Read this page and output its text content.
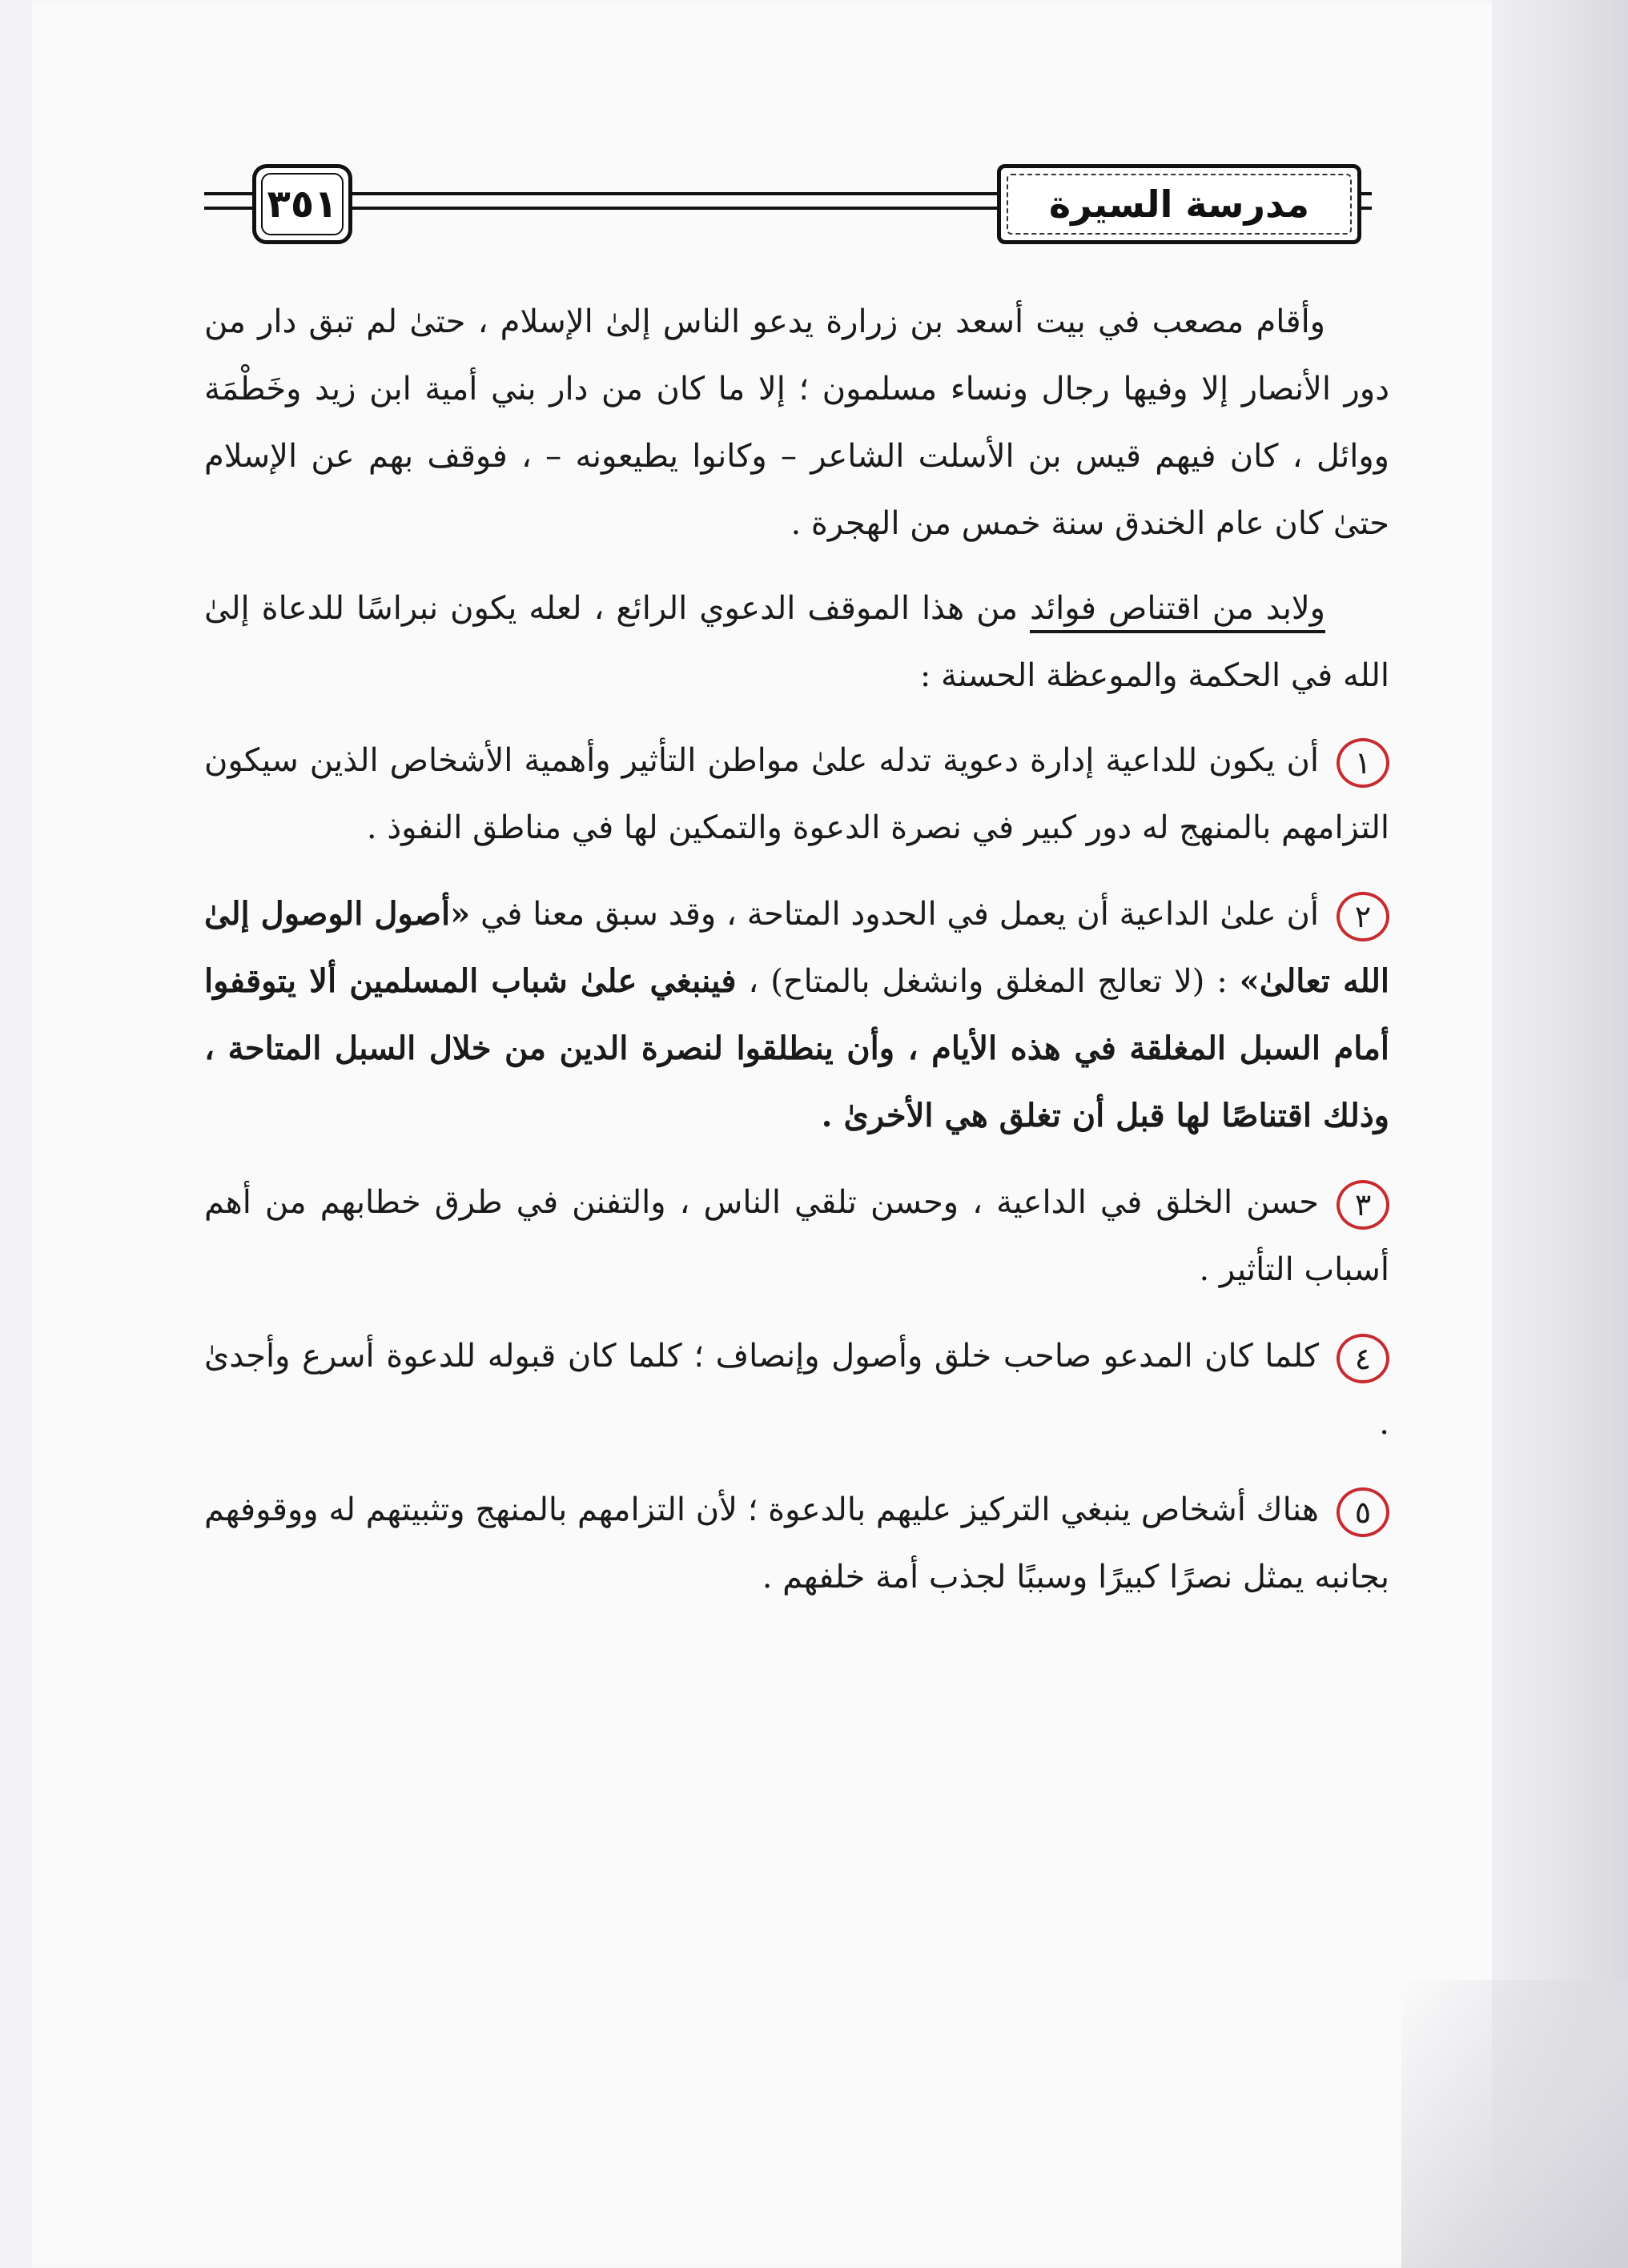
٣٥١	مدرسة السيرة

وأقام مصعب في بيت أسعد بن زرارة يدعو الناس إلىٰ الإسلام ، حتىٰ لم تبق دار من دور الأنصار إلا وفيها رجال ونساء مسلمون ؛ إلا ما كان من دار بني أمية ابن زيد وخَطْمَة ووائل ، كان فيهم قيس بن الأسلت الشاعر – وكانوا يطيعونه – ، فوقف بهم عن الإسلام حتىٰ كان عام الخندق سنة خمس من الهجرة .

ولابد من اقتناص فوائد من هذا الموقف الدعوي الرائع ، لعله يكون نبراسًا للدعاة إلىٰ الله في الحكمة والموعظة الحسنة :

١أن يكون للداعية إدارة دعوية تدله علىٰ مواطن التأثير وأهمية الأشخاص الذين سيكون التزامهم بالمنهج له دور كبير في نصرة الدعوة والتمكين لها في مناطق النفوذ .

٢أن علىٰ الداعية أن يعمل في الحدود المتاحة ، وقد سبق معنا في «أصول الوصول إلىٰ الله تعالىٰ» : (لا تعالج المغلق وانشغل بالمتاح) ، فينبغي علىٰ شباب المسلمين ألا يتوقفوا أمام السبل المغلقة في هذه الأيام ، وأن ينطلقوا لنصرة الدين من خلال السبل المتاحة ، وذلك اقتناصًا لها قبل أن تغلق هي الأخرىٰ .

٣حسن الخلق في الداعية ، وحسن تلقي الناس ، والتفنن في طرق خطابهم من أهم أسباب التأثير .

٤كلما كان المدعو صاحب خلق وأصول وإنصاف ؛ كلما كان قبوله للدعوة أسرع وأجدىٰ .

٥هناك أشخاص ينبغي التركيز عليهم بالدعوة ؛ لأن التزامهم بالمنهج وتثبيتهم له ووقوفهم بجانبه يمثل نصرًا كبيرًا وسببًا لجذب أمة خلفهم .
